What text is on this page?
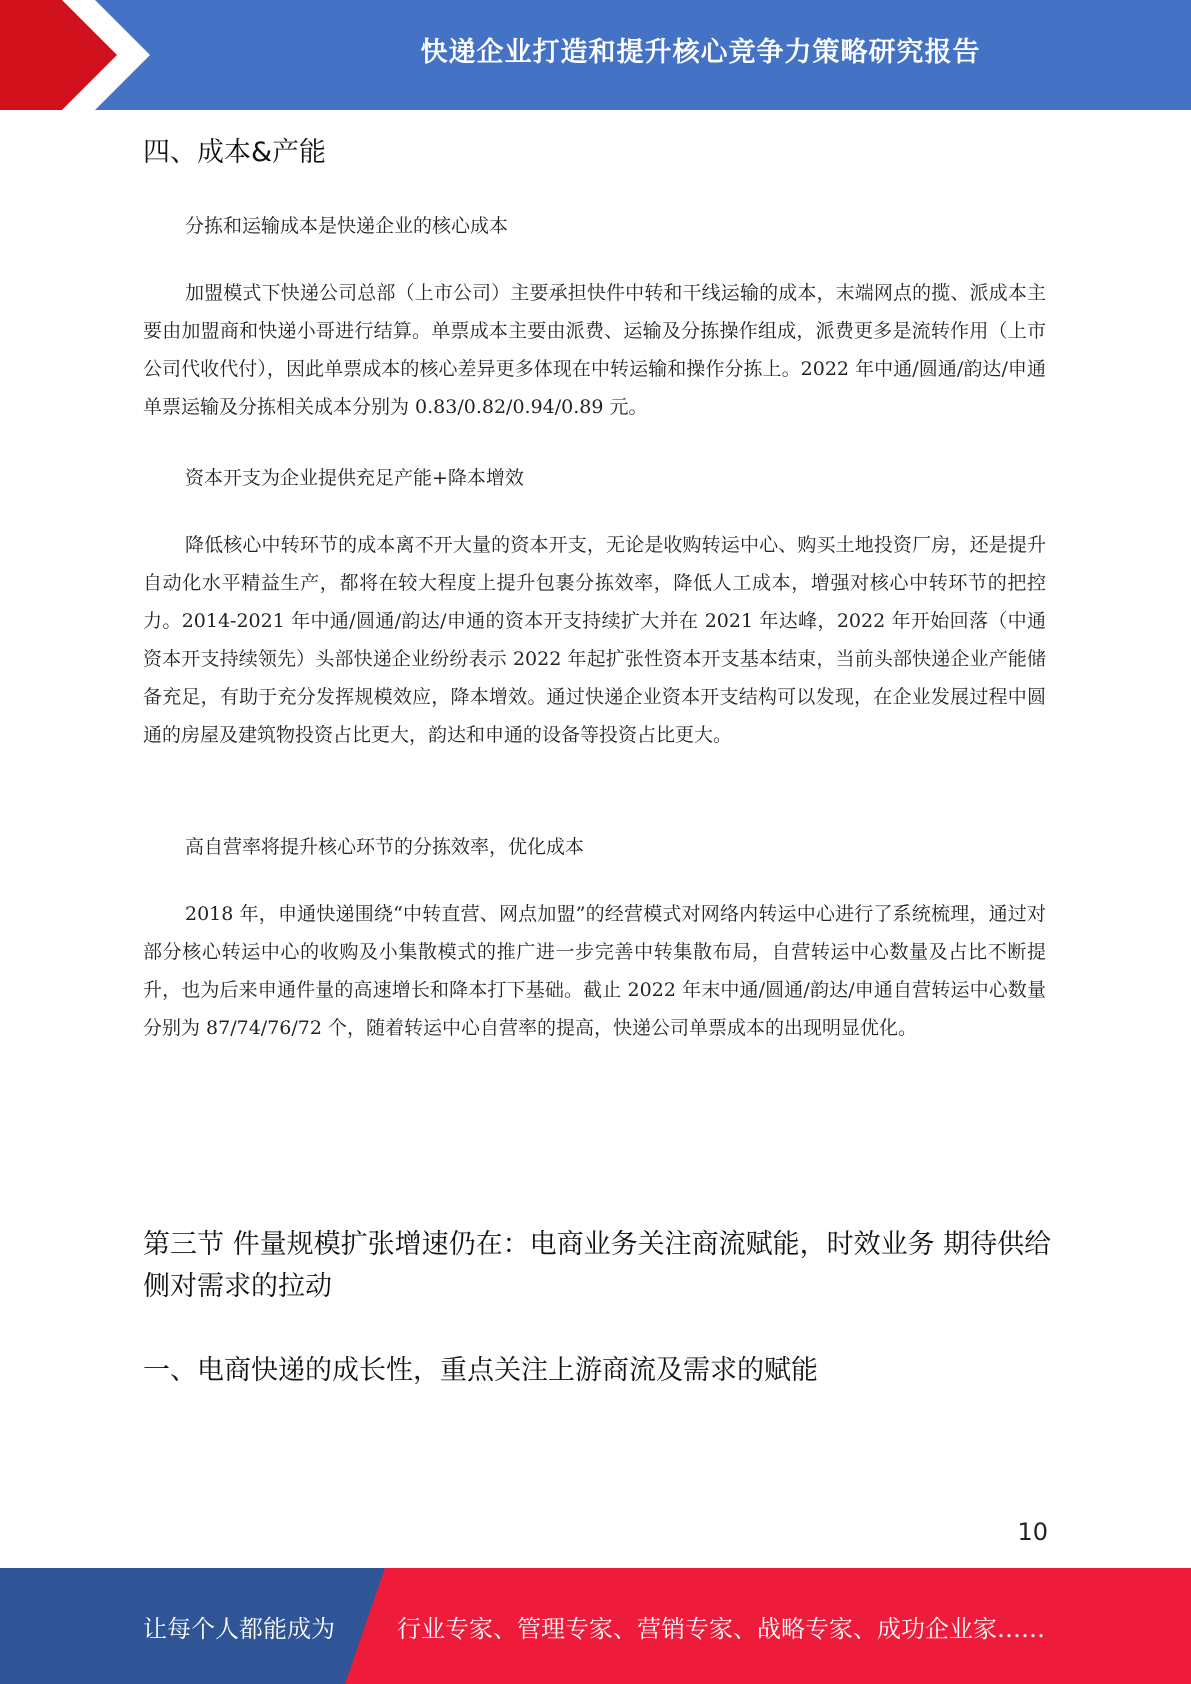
快递企业打造和提升核心竞争力策略研究报告
四、成本&产能
分拣和运输成本是快递企业的核心成本

加盟模式下快递公司总部（上市公司）主要承担快件中转和干线运输的成本，末端网点的揽、派成本主要由加盟商和快递小哥进行结算。单票成本主要由派费、运输及分拣操作组成，派费更多是流转作用（上市公司代收代付），因此单票成本的核心差异更多体现在中转运输和操作分拣上。2022 年中通/圆通/韵达/申通单票运输及分拣相关成本分别为 0.83/0.82/0.94/0.89 元。

资本开支为企业提供充足产能+降本增效

降低核心中转环节的成本离不开大量的资本开支，无论是收购转运中心、购买土地投资厂房，还是提升自动化水平精益生产，都将在较大程度上提升包裹分拣效率，降低人工成本，增强对核心中转环节的把控力。2014-2021 年中通/圆通/韵达/申通的资本开支持续扩大并在 2021 年达峰，2022 年开始回落（中通资本开支持续领先）头部快递企业纷纷表示 2022 年起扩张性资本开支基本结束，当前头部快递企业产能储备充足，有助于充分发挥规模效应，降本增效。通过快递企业资本开支结构可以发现，在企业发展过程中圆通的房屋及建筑物投资占比更大，韵达和申通的设备等投资占比更大。

高自营率将提升核心环节的分拣效率，优化成本

2018 年，申通快递围绕“中转直营、网点加盟”的经营模式对网络内转运中心进行了系统梳理，通过对部分核心转运中心的收购及小集散模式的推广进一步完善中转集散布局，自营转运中心数量及占比不断提升，也为后来申通件量的高速增长和降本打下基础。截止 2022 年末中通/圆通/韵达/申通自营转运中心数量分别为 87/74/76/72 个，随着转运中心自营率的提高，快递公司单票成本的出现明显优化。

第三节 件量规模扩张增速仍在：电商业务关注商流赋能，时效业务 期待供给侧对需求的拉动
一、电商快递的成长性，重点关注上游商流及需求的赋能
10
让每个人都能成为	行业专家、管理专家、营销专家、战略专家、成功企业家……
